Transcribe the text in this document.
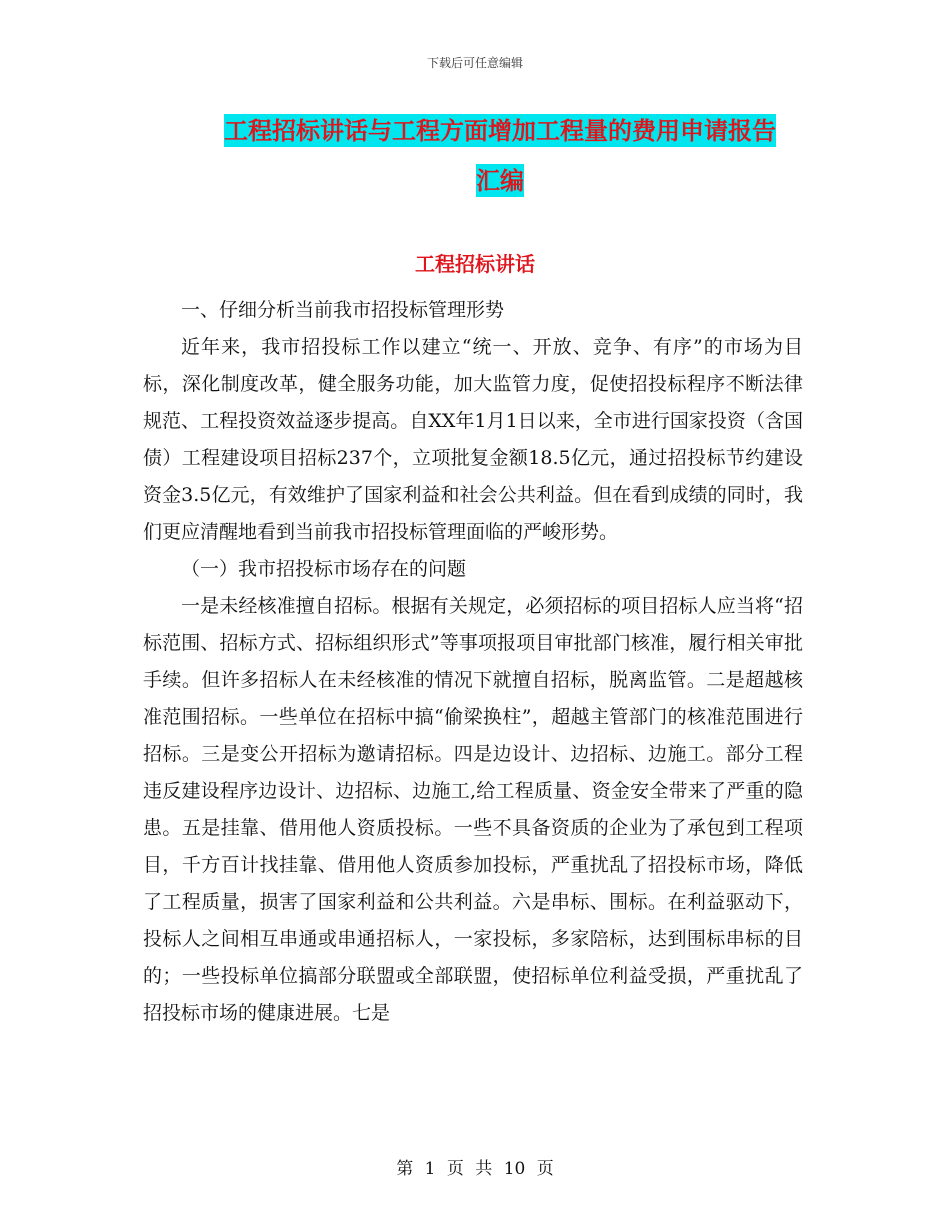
下载后可任意编辑
工程招标讲话与工程方面增加工程量的费用申请报告
汇编
工程招标讲话

一、仔细分析当前我市招投标管理形势

近年来，我市招投标工作以建立“统一、开放、竞争、有序”的市场为目标，深化制度改革，健全服务功能，加大监管力度，促使招投标程序不断法律规范、工程投资效益逐步提高。自XX年1月1日以来，全市进行国家投资（含国债）工程建设项目招标237个，立项批复金额18.5亿元，通过招投标节约建设资金3.5亿元，有效维护了国家利益和社会公共利益。但在看到成绩的同时，我们更应清醒地看到当前我市招投标管理面临的严峻形势。

（一）我市招投标市场存在的问题

一是未经核准擅自招标。根据有关规定，必须招标的项目招标人应当将“招标范围、招标方式、招标组织形式”等事项报项目审批部门核准，履行相关审批手续。但许多招标人在未经核准的情况下就擅自招标，脱离监管。二是超越核准范围招标。一些单位在招标中搞“偷梁换柱”，超越主管部门的核准范围进行招标。三是变公开招标为邀请招标。四是边设计、边招标、边施工。部分工程违反建设程序边设计、边招标、边施工,给工程质量、资金安全带来了严重的隐患。五是挂靠、借用他人资质投标。一些不具备资质的企业为了承包到工程项目，千方百计找挂靠、借用他人资质参加投标，严重扰乱了招投标市场，降低了工程质量，损害了国家利益和公共利益。六是串标、围标。在利益驱动下，投标人之间相互串通或串通招标人，一家投标，多家陪标，达到围标串标的目的；一些投标单位搞部分联盟或全部联盟，使招标单位利益受损，严重扰乱了招投标市场的健康进展。七是

第 1 页 共 10 页
